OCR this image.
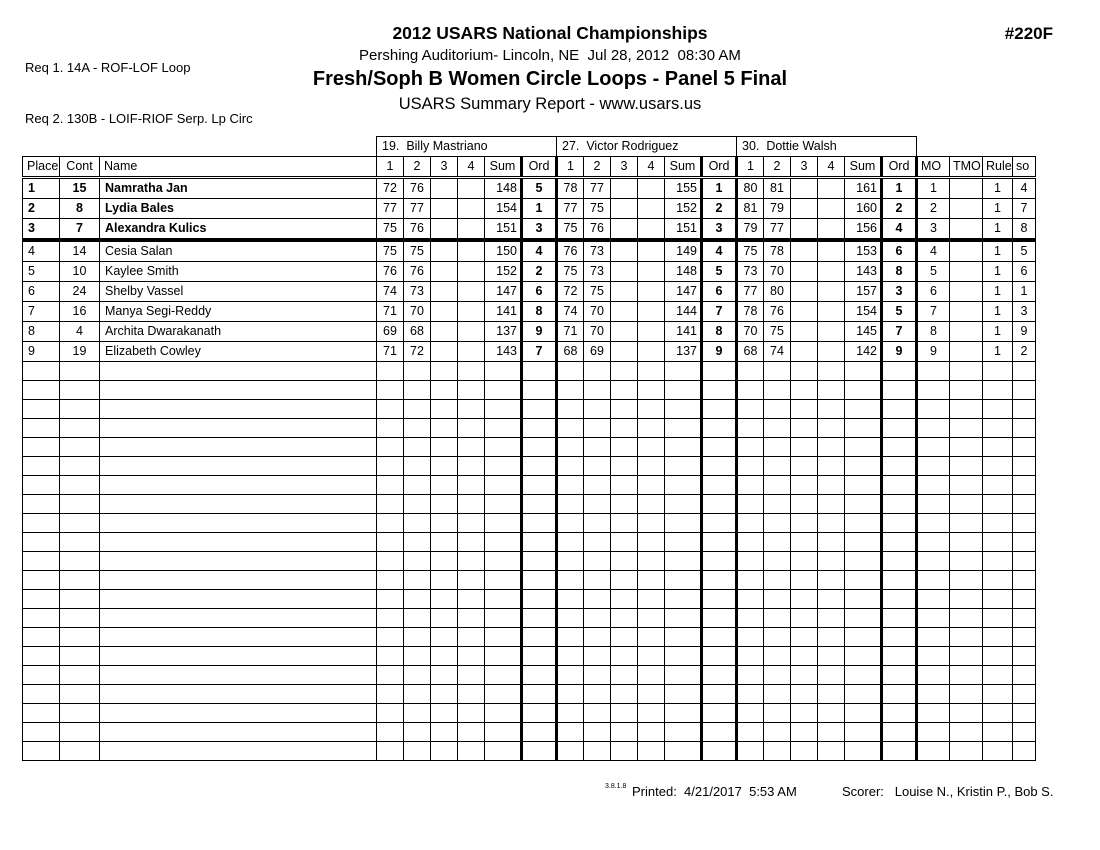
Req 1. 14A - ROF-LOF Loop

Req 2. 130B - LOIF-RIOF Serp. Lp Circ

2012 USARS National Championships
Pershing Auditorium- Lincoln, NE  Jul 28, 2012  08:30 AM
Fresh/Soph B Women Circle Loops - Panel 5 Final
USARS Summary Report - www.usars.us
#220F
			19.  Billy Mastriano						27.  Victor Rodriguez						30.  Dottie Walsh									
Place	Cont	Name	1	2	3	4	Sum	Ord	1	2	3	4	Sum	Ord	1	2	3	4	Sum	Ord	MO	TMO	Rule	so
1	15	Namratha Jan	72	76			148	5	78	77			155	1	80	81			161	1	1		1	4
2	8	Lydia Bales	77	77			154	1	77	75			152	2	81	79			160	2	2		1	7
3	7	Alexandra Kulics	75	76			151	3	75	76			151	3	79	77			156	4	3		1	8
4	14	Cesia Salan	75	75			150	4	76	73			149	4	75	78			153	6	4		1	5
5	10	Kaylee Smith	76	76			152	2	75	73			148	5	73	70			143	8	5		1	6
6	24	Shelby Vassel	74	73			147	6	72	75			147	6	77	80			157	3	6		1	1
7	16	Manya Segi-Reddy	71	70			141	8	74	70			144	7	78	76			154	5	7		1	3
8	4	Archita Dwarakanath	69	68			137	9	71	70			141	8	70	75			145	7	8		1	9
9	19	Elizabeth Cowley	71	72			143	7	68	69			137	9	68	74			142	9	9		1	2

3.8.1.8 Printed:  4/21/2017  5:53 AM	Scorer:   Louise N., Kristin P., Bob S.
